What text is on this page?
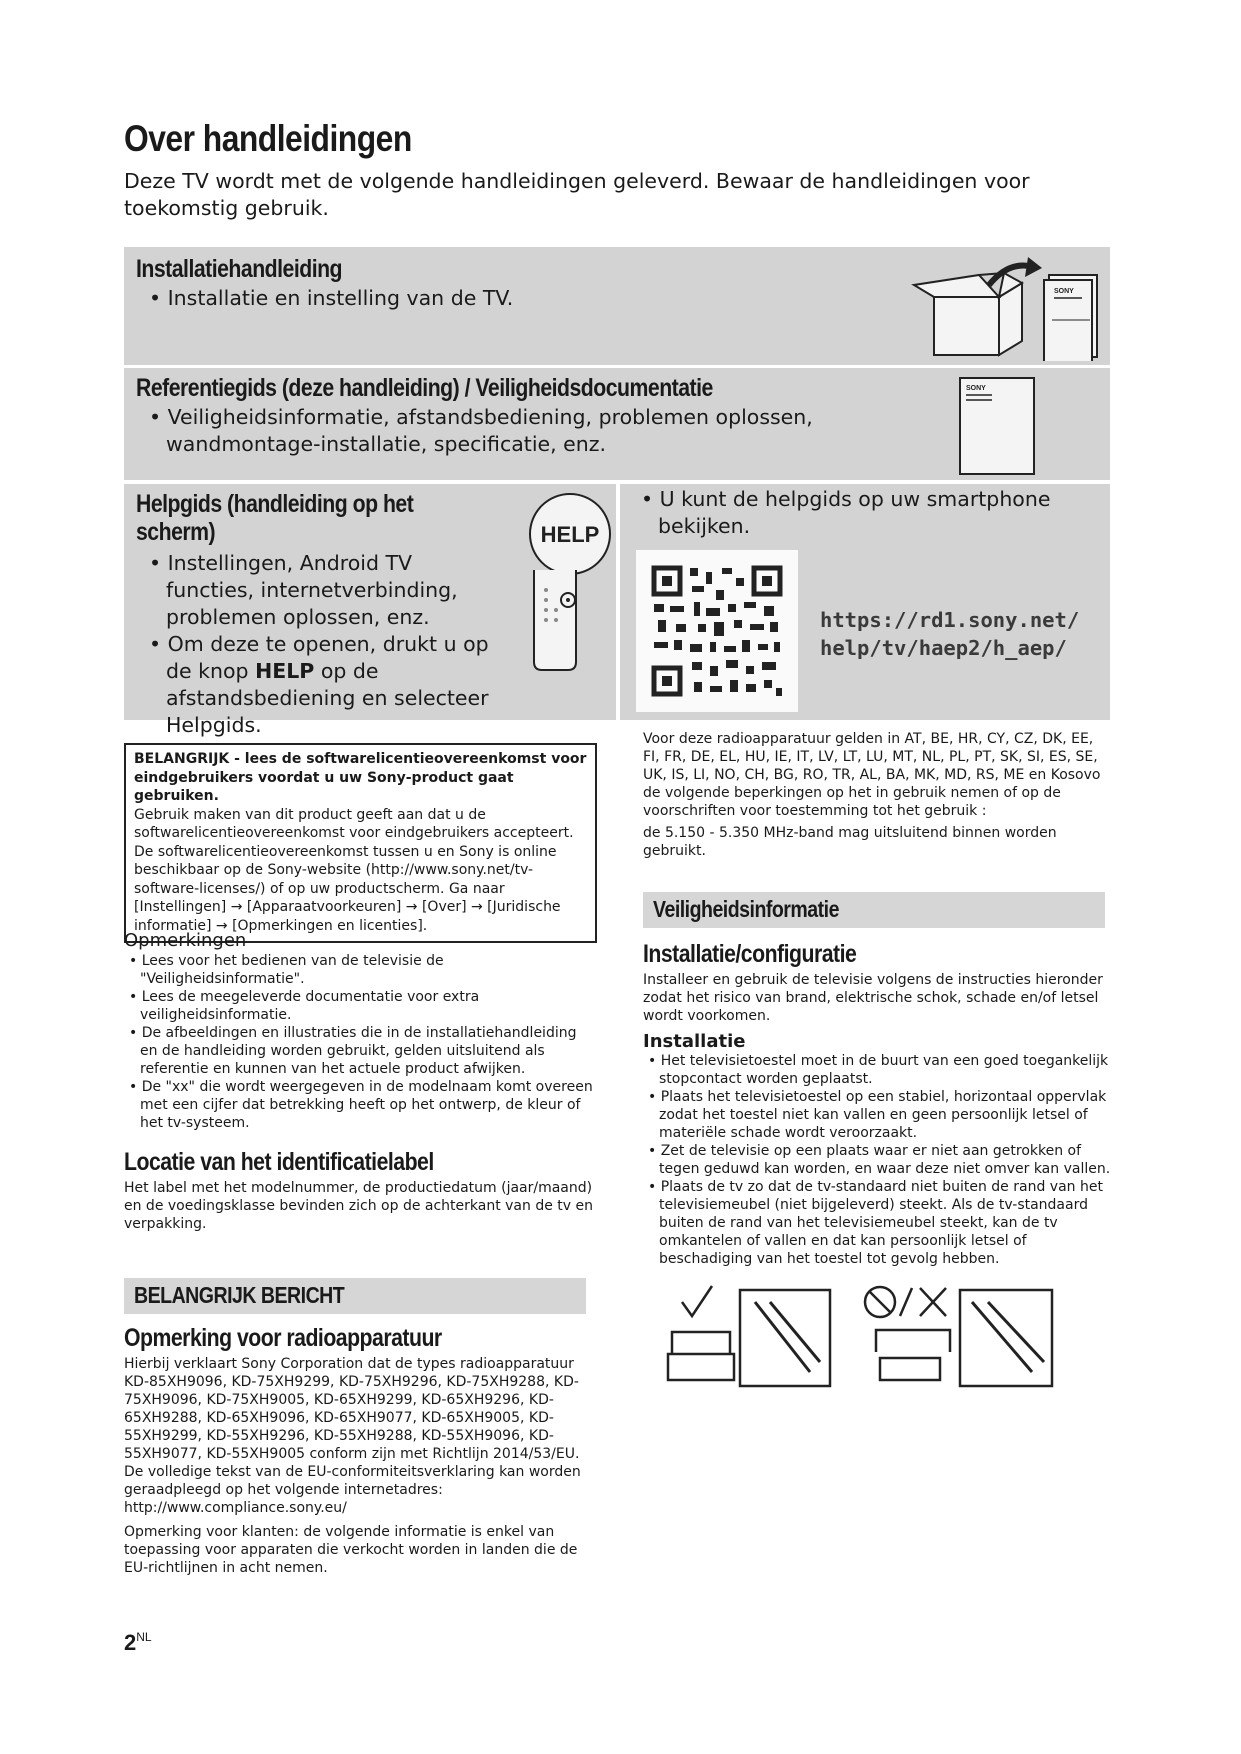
Over handleidingen

Deze TV wordt met de volgende handleidingen geleverd. Bewaar de handleidingen voor toekomstig gebruik.

Installatiehandleiding

• Installatie en instelling van de TV.	SONY

Referentiegids (deze handleiding) / Veiligheidsdocumentatie

• Veiligheidsinformatie, afstandsbediening, problemen oplossen, wandmontage-installatie, specificatie, enz.

SONY

Helpgids (handleiding op het scherm)

• Instellingen, Android TV functies, internetverbinding, problemen oplossen, enz.

• Om deze te openen, drukt u op de knop HELP op de afstandsbediening en selecteer Helpgids.

HELP

• U kunt de helpgids op uw smartphone bekijken.

https://rd1.sony.net/
help/tv/haep2/h_aep/
BELANGRIJK - lees de softwarelicentieovereenkomst voor eindgebruikers voordat u uw Sony-product gaat gebruiken.
Gebruik maken van dit product geeft aan dat u de softwarelicentieovereenkomst voor eindgebruikers accepteert.
De softwarelicentieovereenkomst tussen u en Sony is online beschikbaar op de Sony-website (http://www.sony.net/tv-software-licenses/) of op uw productscherm. Ga naar [Instellingen] → [Apparaatvoorkeuren] → [Over] → [Juridische informatie] → [Opmerkingen en licenties].
Opmerkingen
• Lees voor het bedienen van de televisie de "Veiligheidsinformatie".
• Lees de meegeleverde documentatie voor extra veiligheidsinformatie.
• De afbeeldingen en illustraties die in de installatiehandleiding en de handleiding worden gebruikt, gelden uitsluitend als referentie en kunnen van het actuele product afwijken.
• De "xx" die wordt weergegeven in de modelnaam komt overeen met een cijfer dat betrekking heeft op het ontwerp, de kleur of het tv-systeem.

Locatie van het identificatielabel

Het label met het modelnummer, de productiedatum (jaar/maand) en de voedingsklasse bevinden zich op de achterkant van de tv en verpakking.

BELANGRIJK BERICHT

Opmerking voor radioapparatuur

Hierbij verklaart Sony Corporation dat de types radioapparatuur KD-85XH9096, KD-75XH9299, KD-75XH9296, KD-75XH9288, KD-75XH9096, KD-75XH9005, KD-65XH9299, KD-65XH9296, KD-65XH9288, KD-65XH9096, KD-65XH9077, KD-65XH9005, KD-55XH9299, KD-55XH9296, KD-55XH9288, KD-55XH9096, KD-55XH9077, KD-55XH9005 conform zijn met Richtlijn 2014/53/EU. De volledige tekst van de EU-conformiteitsverklaring kan worden geraadpleegd op het volgende internetadres: http://www.compliance.sony.eu/

Opmerking voor klanten: de volgende informatie is enkel van toepassing voor apparaten die verkocht worden in landen die de EU-richtlijnen in acht nemen.

Voor deze radioapparatuur gelden in AT, BE, HR, CY, CZ, DK, EE, FI, FR, DE, EL, HU, IE, IT, LV, LT, LU, MT, NL, PL, PT, SK, SI, ES, SE, UK, IS, LI, NO, CH, BG, RO, TR, AL, BA, MK, MD, RS, ME en Kosovo de volgende beperkingen op het in gebruik nemen of op de voorschriften voor toestemming tot het gebruik :

de 5.150 - 5.350 MHz-band mag uitsluitend binnen worden gebruikt.

Veiligheidsinformatie

Installatie/configuratie

Installeer en gebruik de televisie volgens de instructies hieronder zodat het risico van brand, elektrische schok, schade en/of letsel wordt voorkomen.

Installatie

• Het televisietoestel moet in de buurt van een goed toegankelijk stopcontact worden geplaatst.
• Plaats het televisietoestel op een stabiel, horizontaal oppervlak zodat het toestel niet kan vallen en geen persoonlijk letsel of materiële schade wordt veroorzaakt.
• Zet de televisie op een plaats waar er niet aan getrokken of tegen geduwd kan worden, en waar deze niet omver kan vallen.
• Plaats de tv zo dat de tv-standaard niet buiten de rand van het televisiemeubel (niet bijgeleverd) steekt. Als de tv-standaard buiten de rand van het televisiemeubel steekt, kan de tv omkantelen of vallen en dat kan persoonlijk letsel of beschadiging van het toestel tot gevolg hebben.
$2^{NL}$
